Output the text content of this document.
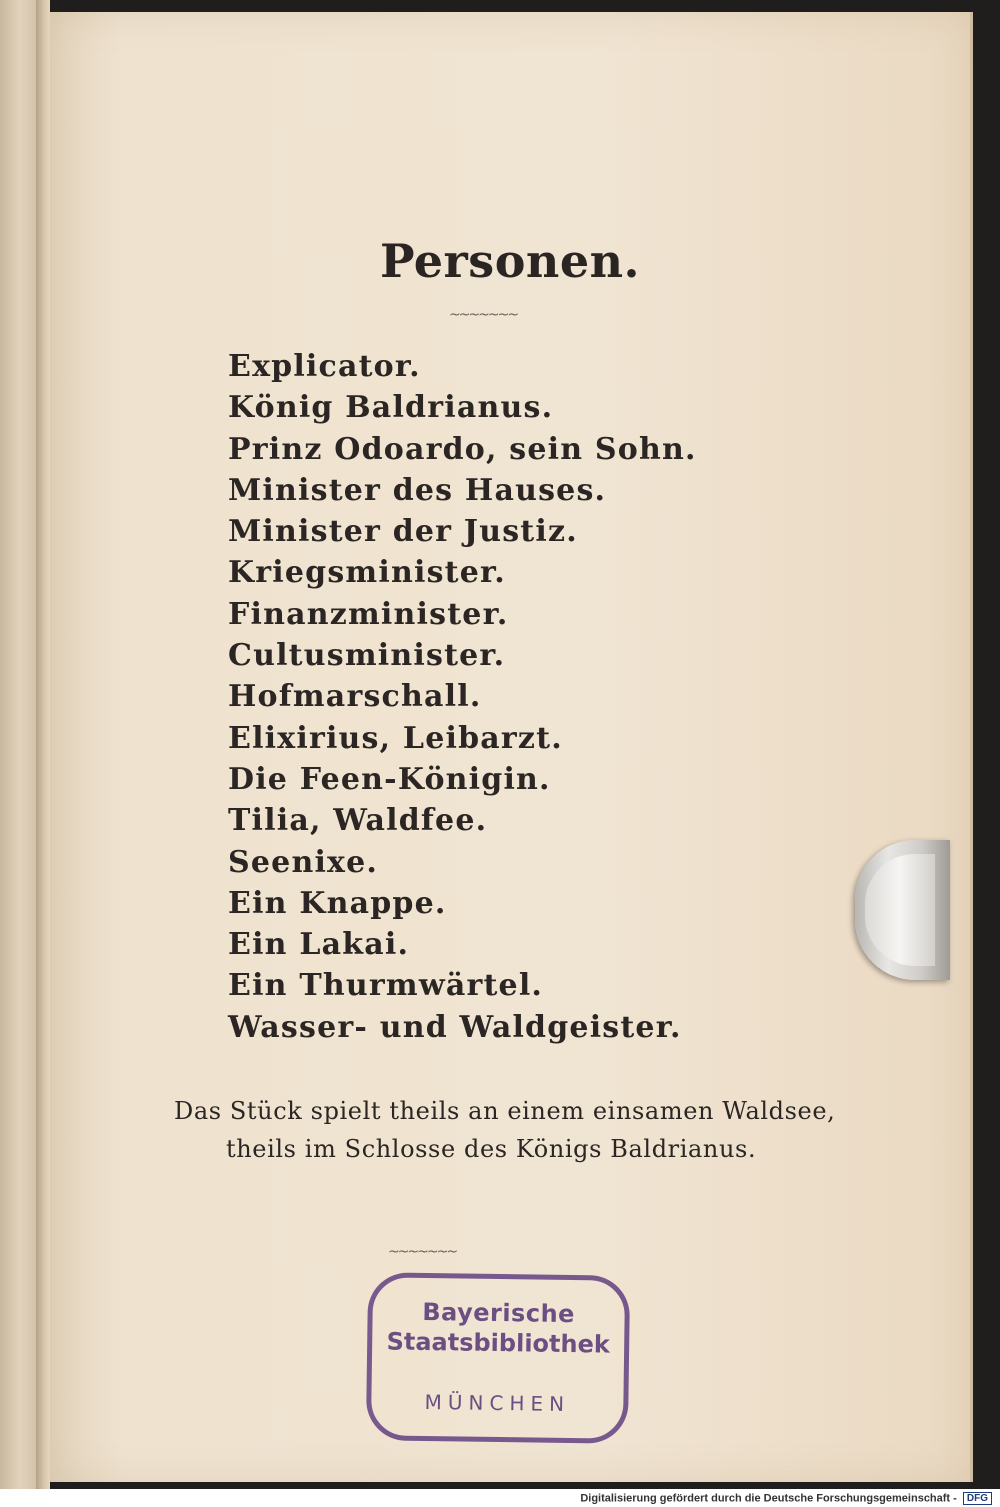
Personen.
~~~~~~~
Explicator.
König Baldrianus.
Prinz Odoardo, sein Sohn.
Minister des Hauses.
Minister der Justiz.
Kriegsminister.
Finanzminister.
Cultusminister.
Hofmarschall.
Elixirius, Leibarzt.
Die Feen-Königin.
Tilia, Waldfee.
Seenixe.
Ein Knappe.
Ein Lakai.
Ein Thurmwärtel.
Wasser- und Waldgeister.
Das Stück spielt theils an einem einsamen Waldsee,
theils im Schlosse des Königs Baldrianus.
~~~~~~~
Bayerische
Staatsbibliothek
MÜNCHEN
Digitalisierung gefördert durch die Deutsche Forschungsgemeinschaft - DFG
